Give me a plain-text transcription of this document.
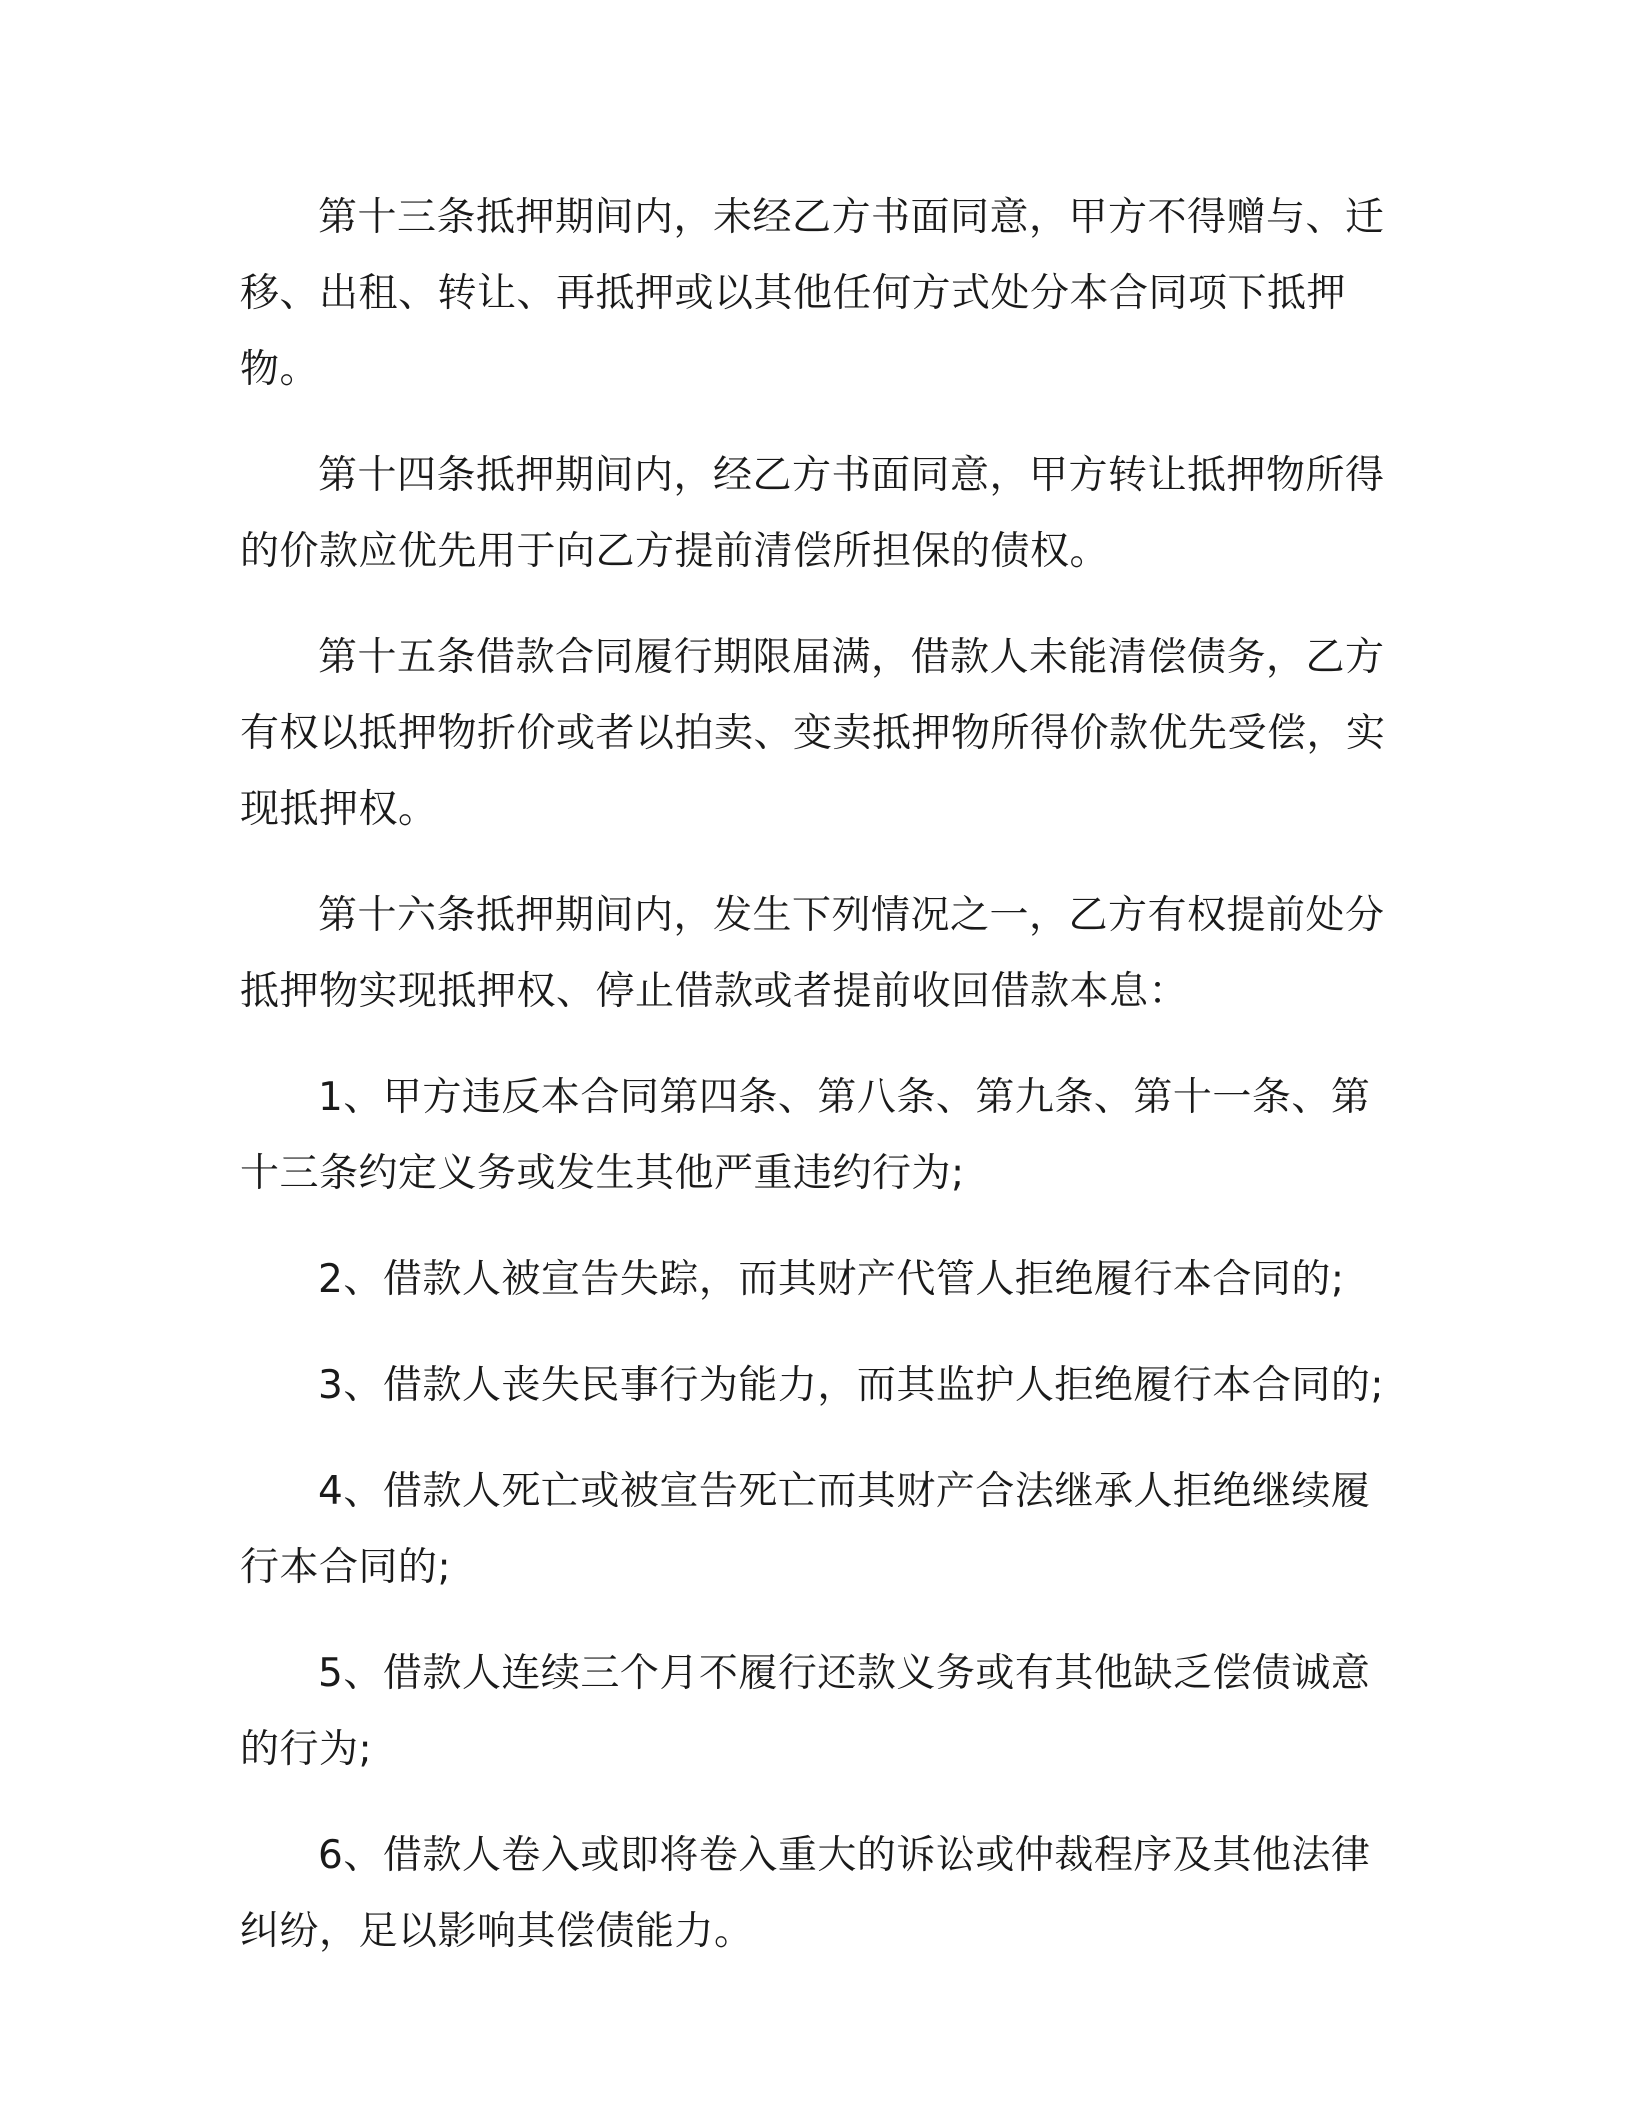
第十三条抵押期间内，未经乙方书面同意，甲方不得赠与、迁移、出租、转让、再抵押或以其他任何方式处分本合同项下抵押物。

第十四条抵押期间内，经乙方书面同意，甲方转让抵押物所得的价款应优先用于向乙方提前清偿所担保的债权。

第十五条借款合同履行期限届满，借款人未能清偿债务，乙方有权以抵押物折价或者以拍卖、变卖抵押物所得价款优先受偿，实现抵押权。

第十六条抵押期间内，发生下列情况之一，乙方有权提前处分抵押物实现抵押权、停止借款或者提前收回借款本息：

1、甲方违反本合同第四条、第八条、第九条、第十一条、第十三条约定义务或发生其他严重违约行为;

2、借款人被宣告失踪，而其财产代管人拒绝履行本合同的;

3、借款人丧失民事行为能力，而其监护人拒绝履行本合同的;

4、借款人死亡或被宣告死亡而其财产合法继承人拒绝继续履行本合同的;

5、借款人连续三个月不履行还款义务或有其他缺乏偿债诚意的行为;

6、借款人卷入或即将卷入重大的诉讼或仲裁程序及其他法律纠纷，足以影响其偿债能力。
